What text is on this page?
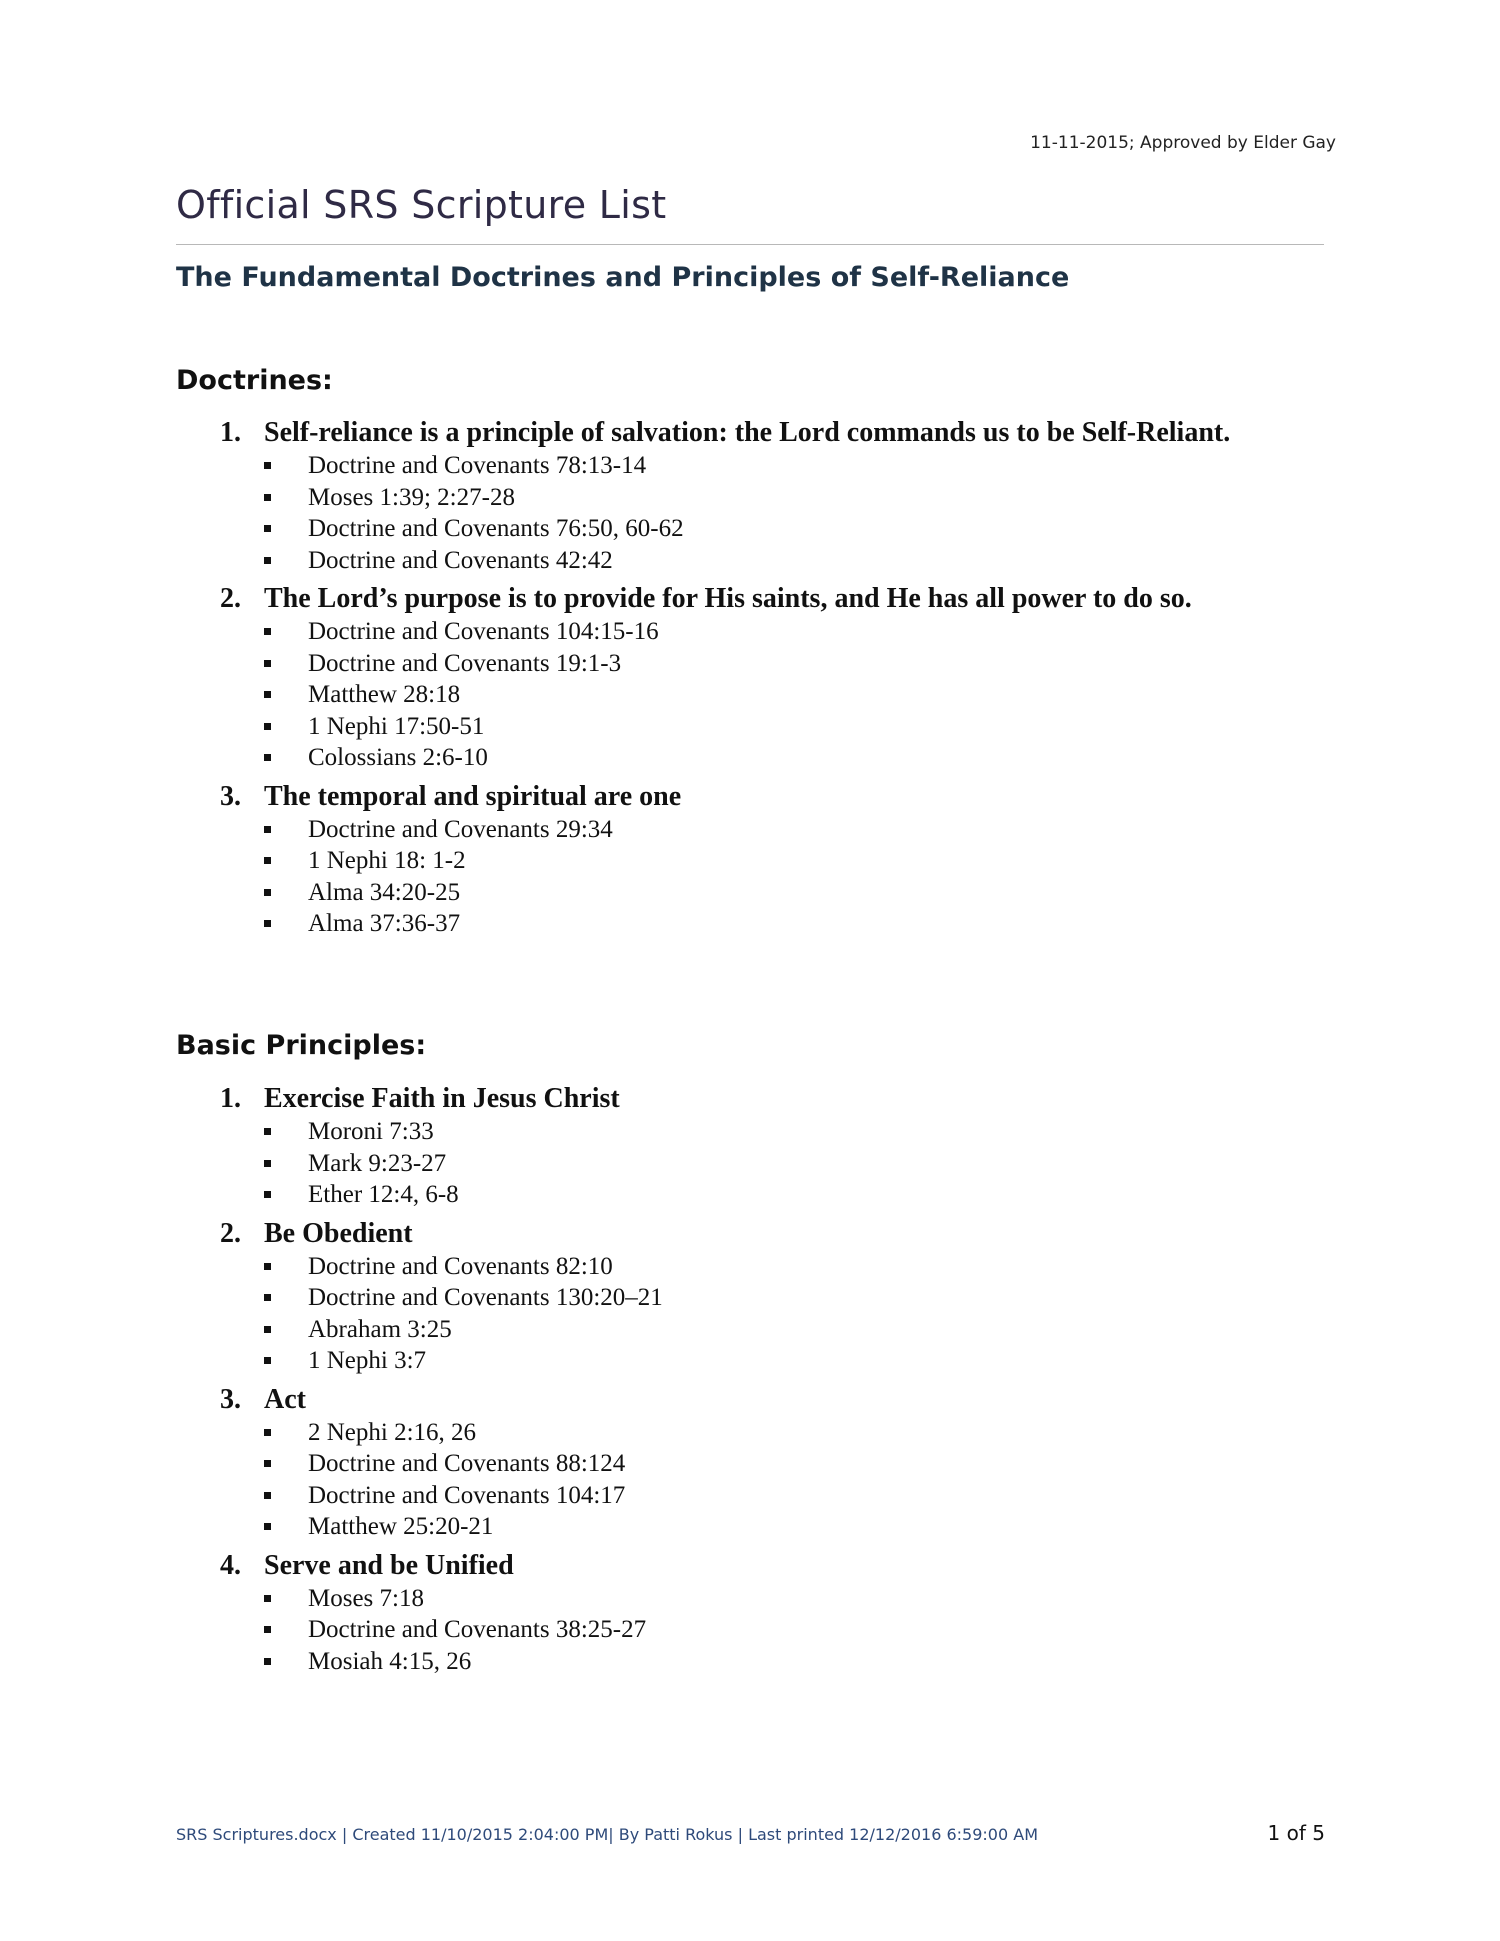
11-11-2015; Approved by Elder Gay
Official SRS Scripture List
The Fundamental Doctrines and Principles of Self-Reliance
Doctrines:
1. Self-reliance is a principle of salvation: the Lord commands us to be Self-Reliant.
Doctrine and Covenants 78:13-14
Moses 1:39; 2:27-28
Doctrine and Covenants 76:50, 60-62
Doctrine and Covenants 42:42
2. The Lord’s purpose is to provide for His saints, and He has all power to do so.
Doctrine and Covenants 104:15-16
Doctrine and Covenants 19:1-3
Matthew 28:18
1 Nephi 17:50-51
Colossians 2:6-10
3. The temporal and spiritual are one
Doctrine and Covenants 29:34
1 Nephi 18: 1-2
Alma 34:20-25
Alma 37:36-37
Basic Principles:
1. Exercise Faith in Jesus Christ
Moroni 7:33
Mark 9:23-27
Ether 12:4, 6-8
2. Be Obedient
Doctrine and Covenants 82:10
Doctrine and Covenants 130:20–21
Abraham 3:25
1 Nephi 3:7
3. Act
2 Nephi 2:16, 26
Doctrine and Covenants 88:124
Doctrine and Covenants 104:17
Matthew 25:20-21
4. Serve and be Unified
Moses 7:18
Doctrine and Covenants 38:25-27
Mosiah 4:15, 26
SRS Scriptures.docx | Created 11/10/2015 2:04:00 PM| By Patti Rokus | Last printed 12/12/2016 6:59:00 AM	1 of 5
